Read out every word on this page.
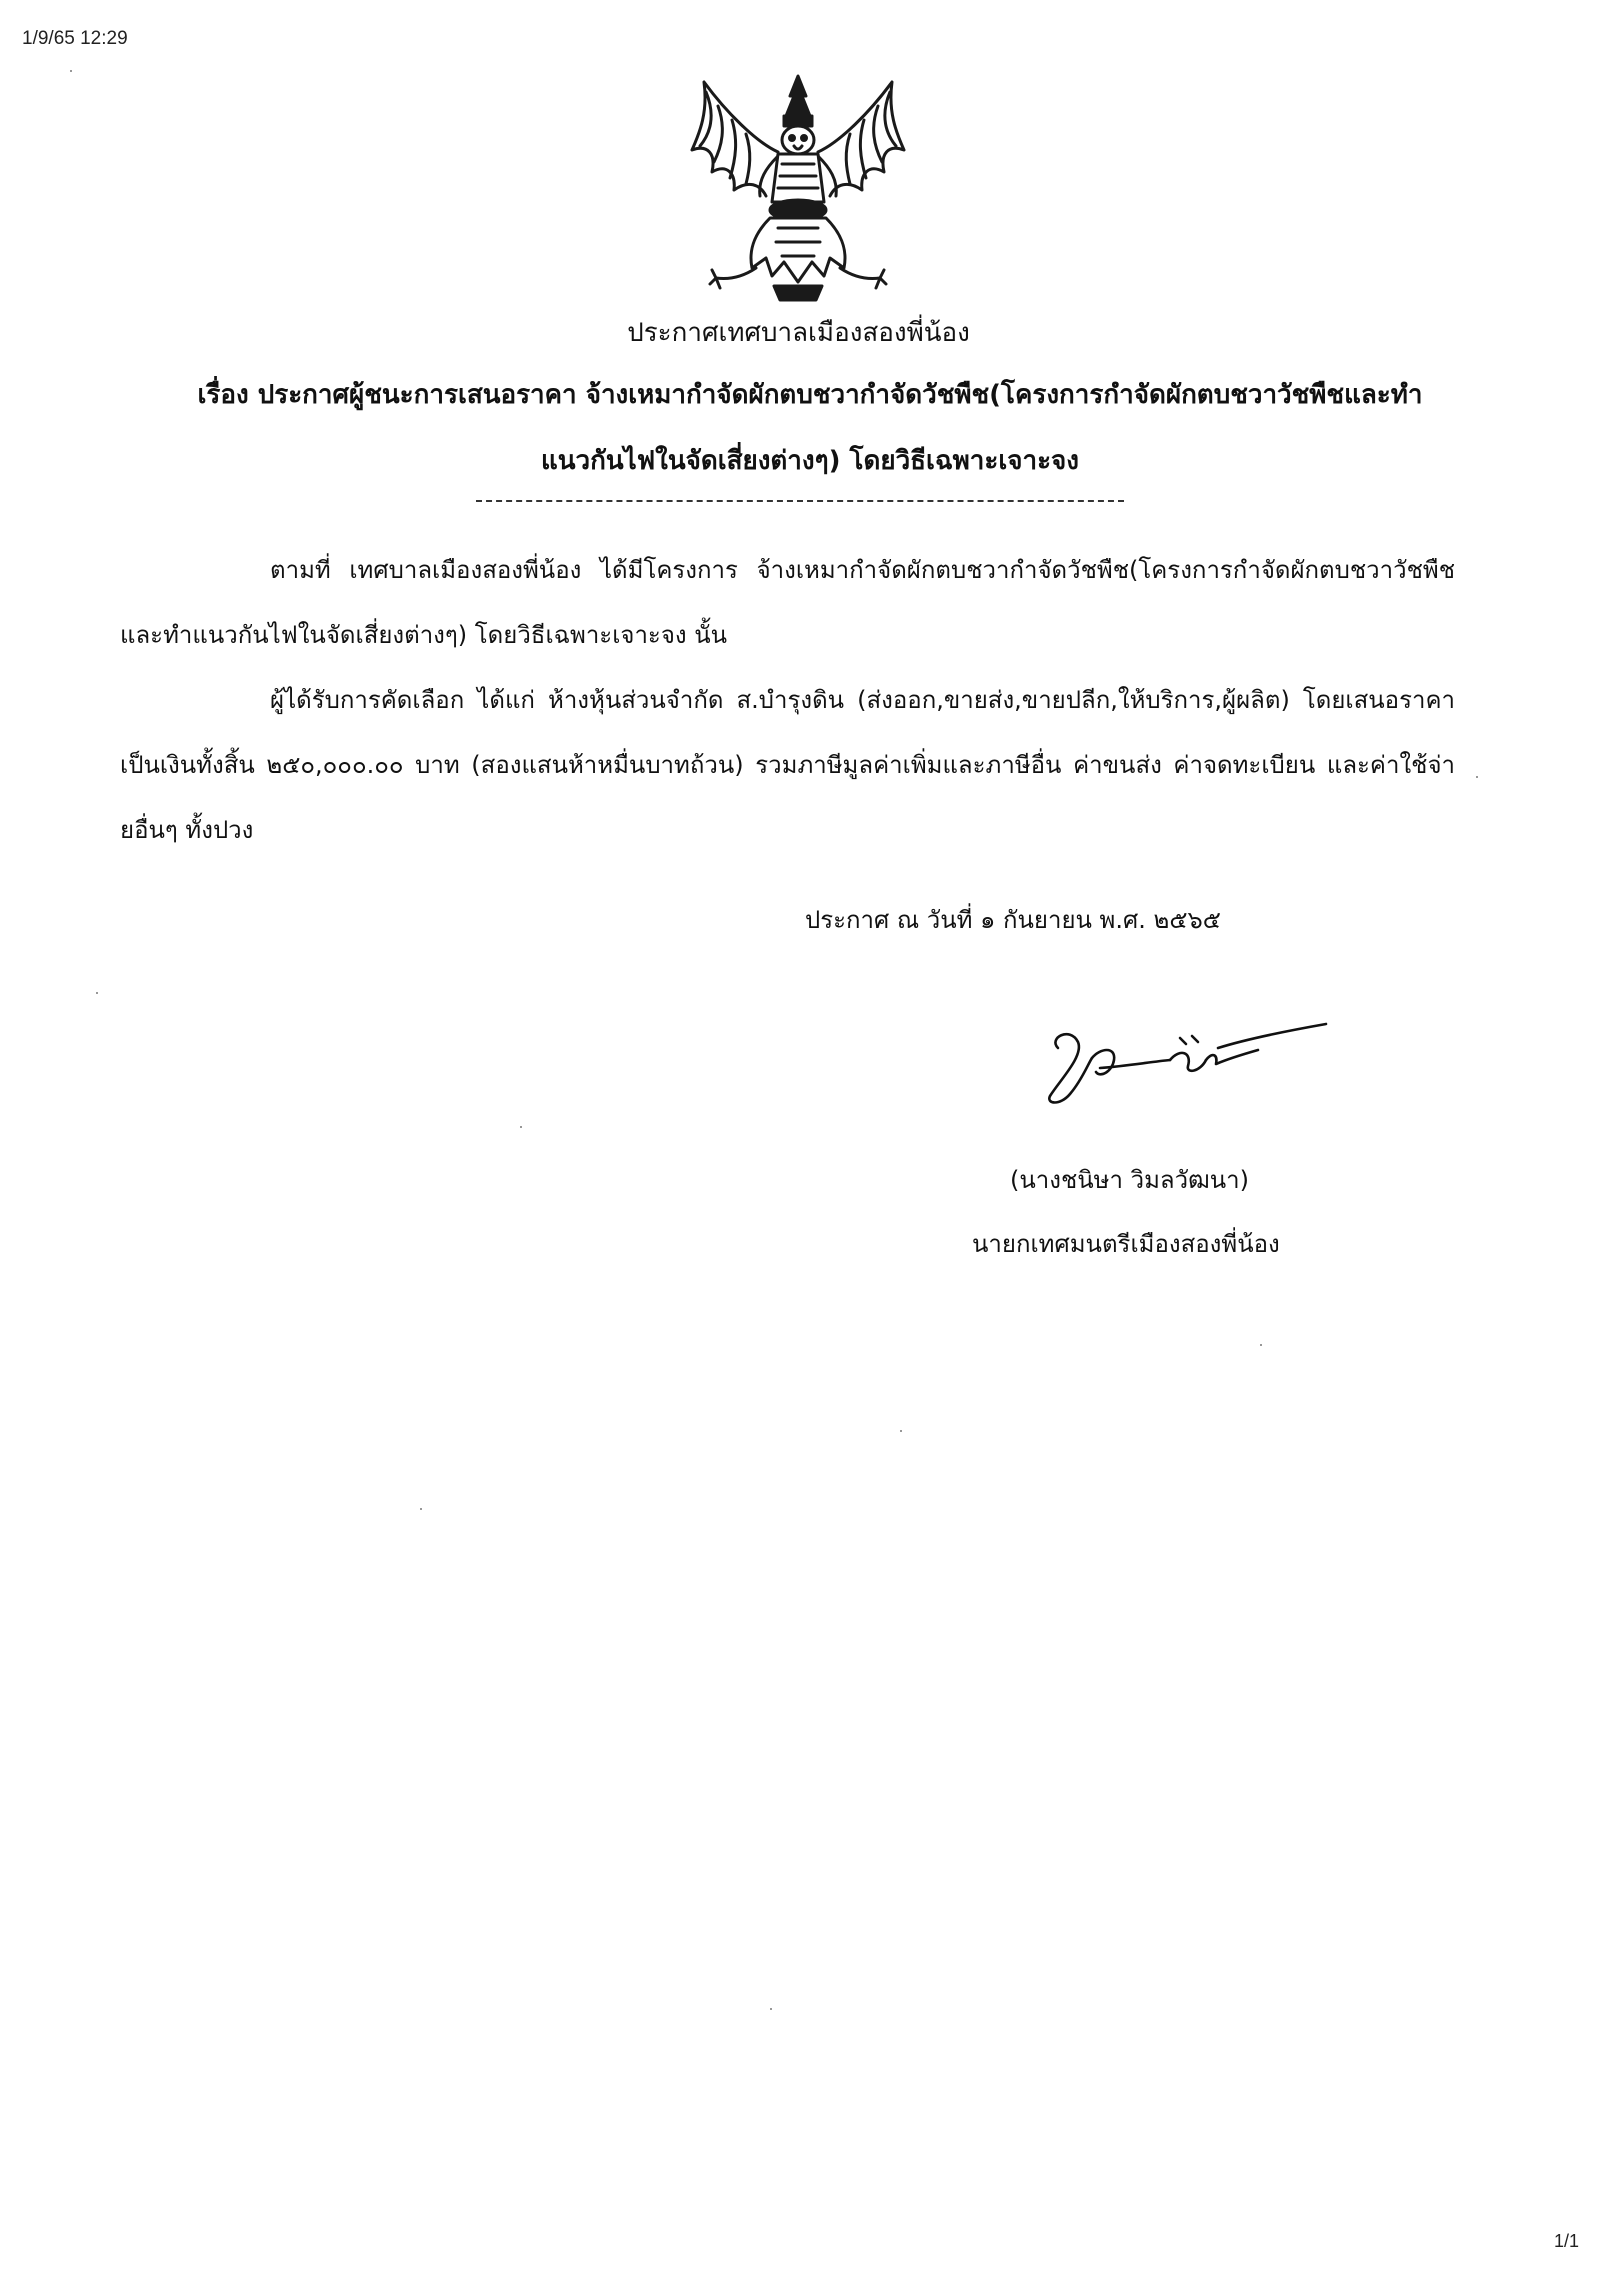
1/9/65 12:29
ประกาศเทศบาลเมืองสองพี่น้อง
เรื่อง ประกาศผู้ชนะการเสนอราคา จ้างเหมากำจัดผักตบชวากำจัดวัชพืช(โครงการกำจัดผักตบชวาวัชพืชและทำ
แนวกันไฟในจัดเสี่ยงต่างๆ) โดยวิธีเฉพาะเจาะจง
ตามที่ เทศบาลเมืองสองพี่น้อง ได้มีโครงการ จ้างเหมากำจัดผักตบชวากำจัดวัชพืช(โครงการกำจัดผักตบชวาวัชพืชและทำแนวกันไฟในจัดเสี่ยงต่างๆ) โดยวิธีเฉพาะเจาะจง นั้น
ผู้ได้รับการคัดเลือก ได้แก่ ห้างหุ้นส่วนจำกัด ส.บำรุงดิน (ส่งออก,ขายส่ง,ขายปลีก,ให้บริการ,ผู้ผลิต) โดยเสนอราคา เป็นเงินทั้งสิ้น ๒๕๐,๐๐๐.๐๐ บาท (สองแสนห้าหมื่นบาทถ้วน) รวมภาษีมูลค่าเพิ่มและภาษีอื่น ค่าขนส่ง ค่าจดทะเบียน และค่าใช้จ่ายอื่นๆ ทั้งปวง
ประกาศ ณ วันที่ ๑ กันยายน พ.ศ. ๒๕๖๕
(นางชนิษา วิมลวัฒนา)
นายกเทศมนตรีเมืองสองพี่น้อง
1/1
